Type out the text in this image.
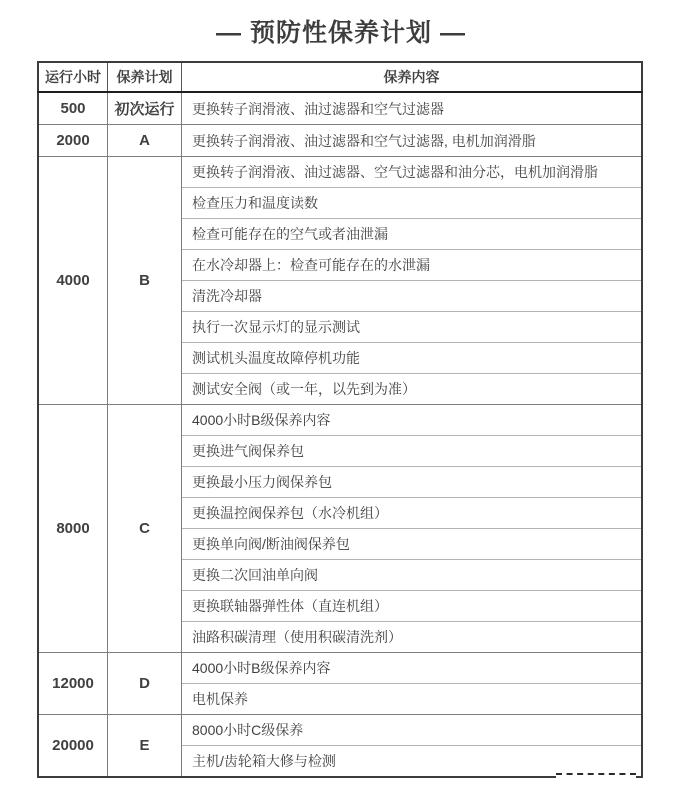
— 预防性保养计划 —
运行小时	保养计划	保养内容
500	初次运行	更换转子润滑液、油过滤器和空气过滤器
2000	A	更换转子润滑液、油过滤器和空气过滤器, 电机加润滑脂
4000	B	更换转子润滑液、油过滤器、空气过滤器和油分芯，电机加润滑脂
		检查压力和温度读数
		检查可能存在的空气或者油泄漏
		在水冷却器上：检查可能存在的水泄漏
		清洗冷却器
		执行一次显示灯的显示测试
		测试机头温度故障停机功能
		测试安全阀（或一年，以先到为准）
8000	C	4000小时B级保养内容
		更换进气阀保养包
		更换最小压力阀保养包
		更换温控阀保养包（水冷机组）
		更换单向阀/断油阀保养包
		更换二次回油单向阀
		更换联轴器弹性体（直连机组）
		油路积碳清理（使用积碳清洗剂）
12000	D	4000小时B级保养内容
		电机保养
20000	E	8000小时C级保养
		主机/齿轮箱大修与检测
